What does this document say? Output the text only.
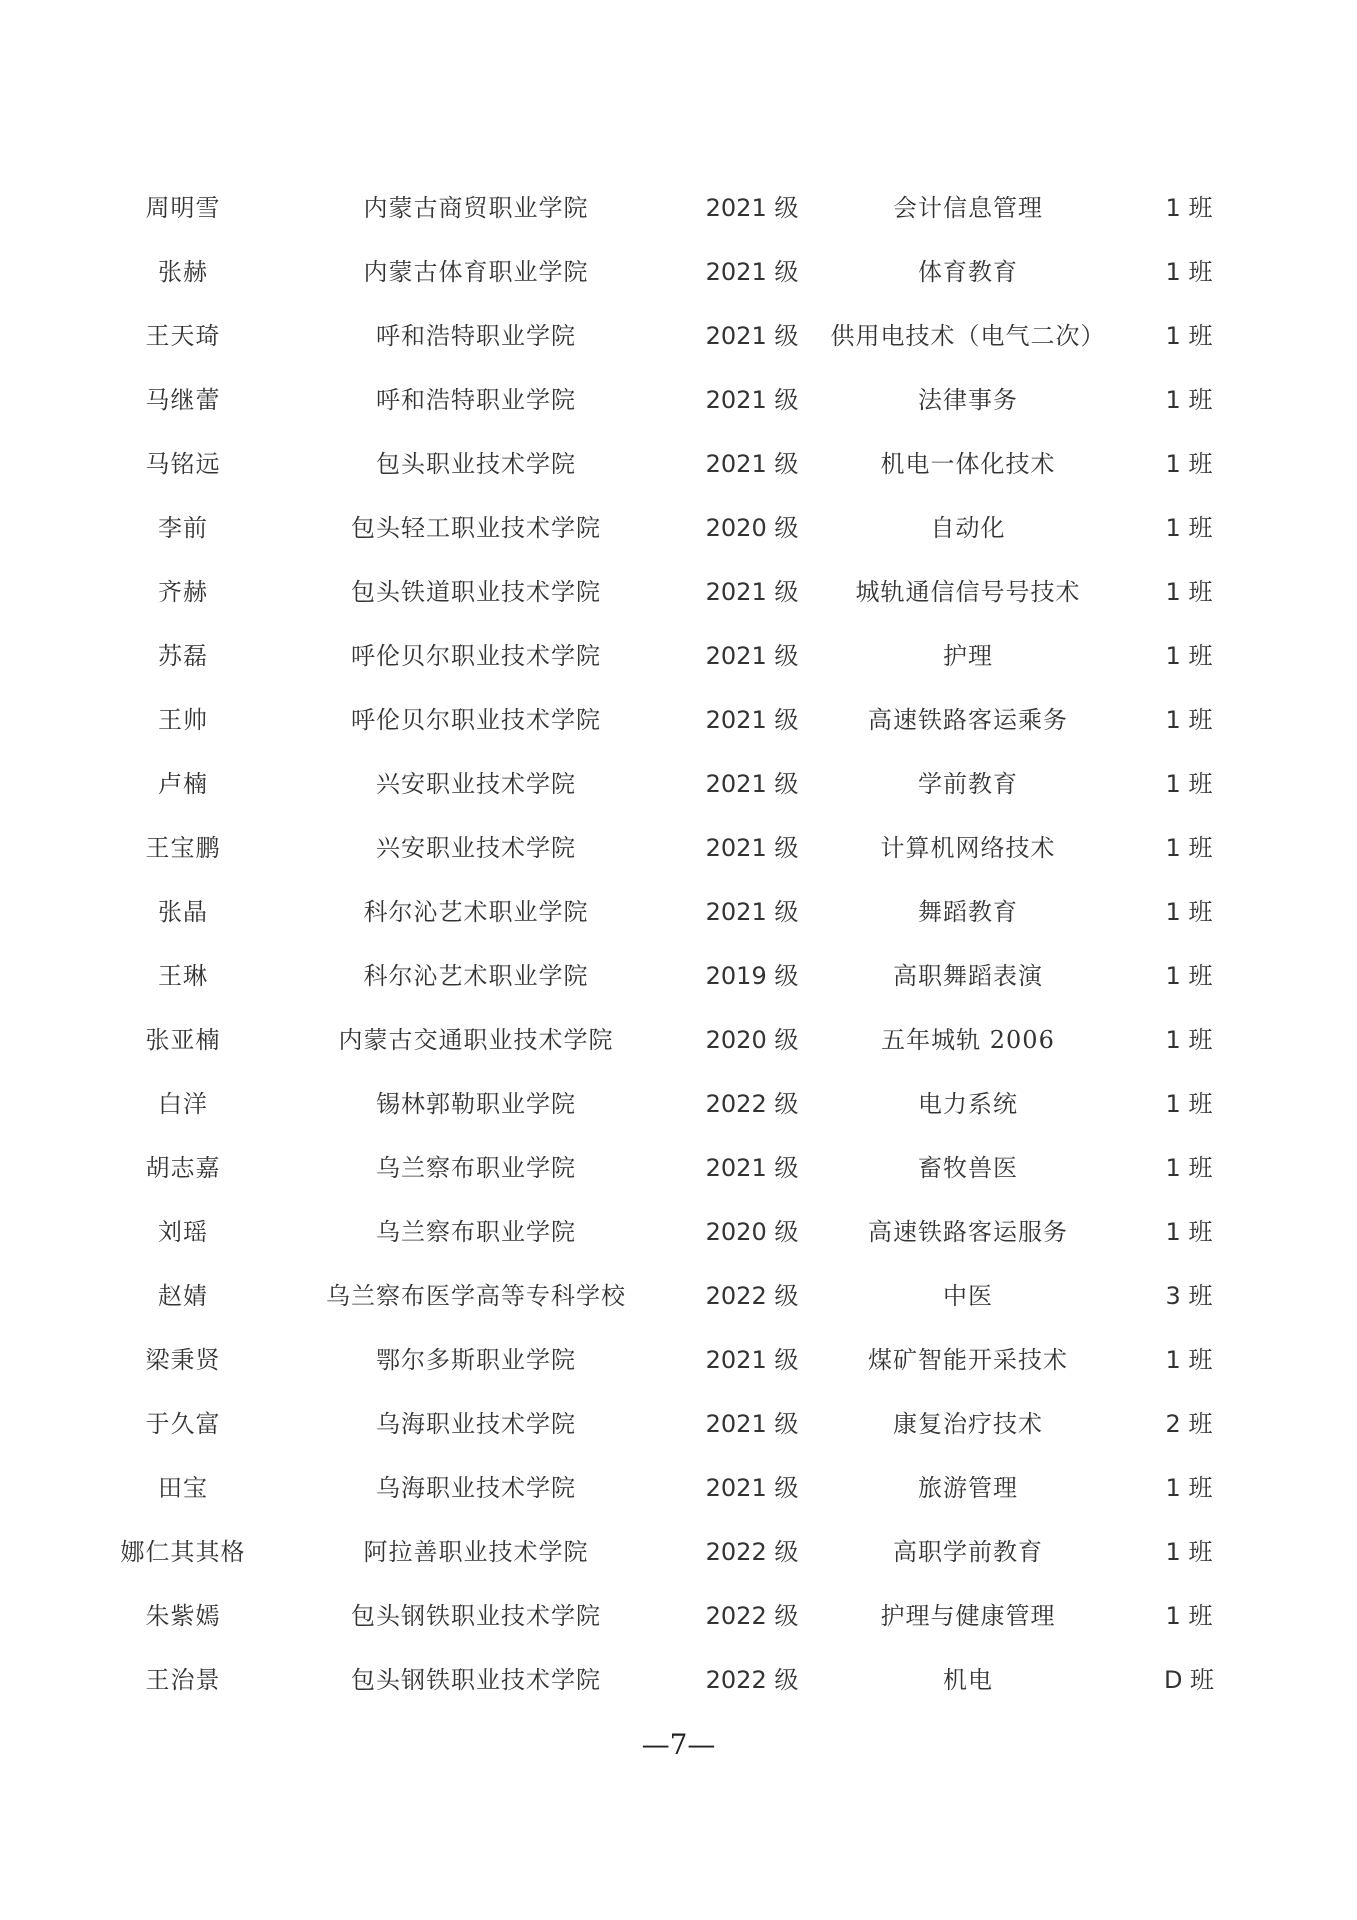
周明雪	内蒙古商贸职业学院	2021 级	会计信息管理	1 班
张赫	内蒙古体育职业学院	2021 级	体育教育	1 班
王天琦	呼和浩特职业学院	2021 级 供用电技术（电气二次）	1 班
马继蕾	呼和浩特职业学院	2021 级	法律事务	1 班
马铭远	包头职业技术学院	2021 级	机电一体化技术	1 班
李前	包头轻工职业技术学院	2020 级	自动化	1 班
齐赫	包头铁道职业技术学院	2021 级 城轨通信信号号技术	1 班
苏磊	呼伦贝尔职业技术学院	2021 级	护理	1 班
王帅	呼伦贝尔职业技术学院	2021 级	高速铁路客运乘务	1 班
卢楠	兴安职业技术学院	2021 级	学前教育	1 班
王宝鹏	兴安职业技术学院	2021 级	计算机网络技术	1 班
张晶	科尔沁艺术职业学院	2021 级	舞蹈教育	1 班
王琳	科尔沁艺术职业学院	2019 级	高职舞蹈表演	1 班
张亚楠	内蒙古交通职业技术学院	2020 级	五年城轨 2006	1 班
白洋	锡林郭勒职业学院	2022 级	电力系统	1 班
胡志嘉	乌兰察布职业学院	2021 级	畜牧兽医	1 班
刘瑶	乌兰察布职业学院	2020 级	高速铁路客运服务	1 班
赵婧	乌兰察布医学高等专科学校	2022 级	中医	3 班
梁秉贤	鄂尔多斯职业学院	2021 级	煤矿智能开采技术	1 班
于久富	乌海职业技术学院	2021 级	康复治疗技术	2 班
田宝	乌海职业技术学院	2021 级	旅游管理	1 班
娜仁其其格	阿拉善职业技术学院	2022 级	高职学前教育	1 班
朱紫嫣	包头钢铁职业技术学院	2022 级	护理与健康管理	1 班
王治景	包头钢铁职业技术学院	2022 级	机电	D 班
—7—
